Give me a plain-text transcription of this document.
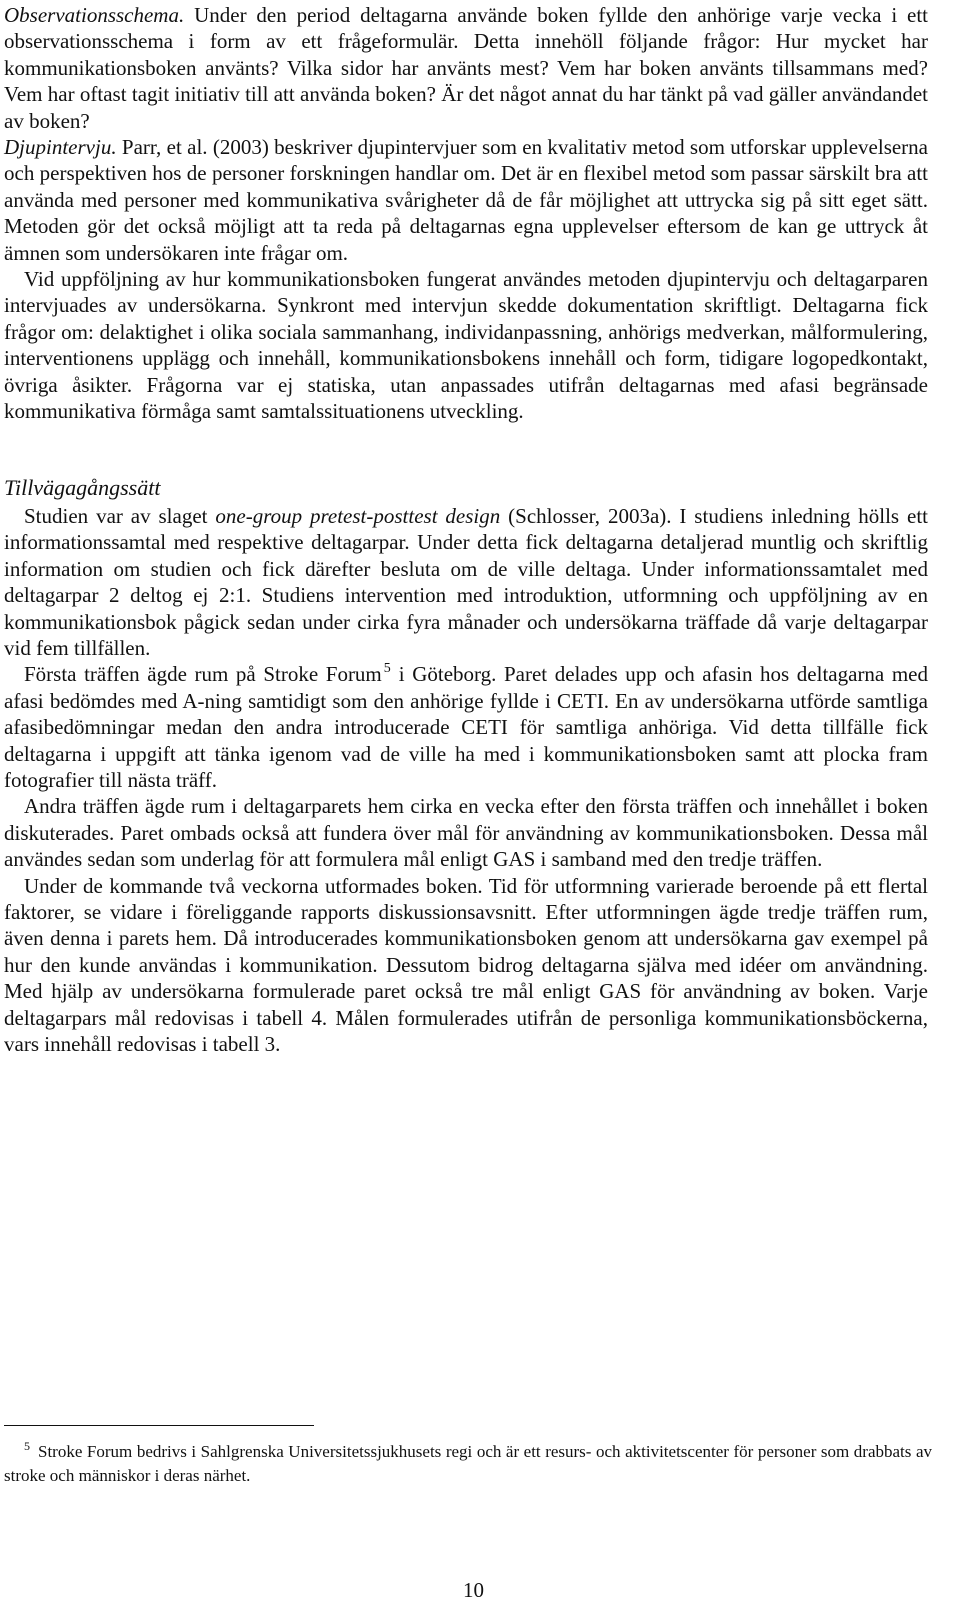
Observationsschema. Under den period deltagarna använde boken fyllde den anhörige varje vecka i ett observationsschema i form av ett frågeformulär. Detta innehöll följande frågor: Hur mycket har kommunikationsboken använts? Vilka sidor har använts mest? Vem har boken använts tillsammans med? Vem har oftast tagit initiativ till att använda boken? Är det något annat du har tänkt på vad gäller användandet av boken?

Djupintervju. Parr, et al. (2003) beskriver djupintervjuer som en kvalitativ metod som utforskar upplevelserna och perspektiven hos de personer forskningen handlar om. Det är en flexibel metod som passar särskilt bra att använda med personer med kommunikativa svårigheter då de får möjlighet att uttrycka sig på sitt eget sätt. Metoden gör det också möjligt att ta reda på deltagarnas egna upplevelser eftersom de kan ge uttryck åt ämnen som undersökaren inte frågar om.

Vid uppföljning av hur kommunikationsboken fungerat användes metoden djupintervju och deltagarparen intervjuades av undersökarna. Synkront med intervjun skedde dokumentation skriftligt. Deltagarna fick frågor om: delaktighet i olika sociala sammanhang, individanpassning, anhörigs medverkan, målformulering, interventionens upplägg och innehåll, kommunikationsbokens innehåll och form, tidigare logopedkontakt, övriga åsikter. Frågorna var ej statiska, utan anpassades utifrån deltagarnas med afasi begränsade kommunikativa förmåga samt samtalssituationens utveckling.

Tillvägagångssätt

Studien var av slaget one-group pretest-posttest design (Schlosser, 2003a). I studiens inledning hölls ett informationssamtal med respektive deltagarpar. Under detta fick deltagarna detaljerad muntlig och skriftlig information om studien och fick därefter besluta om de ville deltaga. Under informationssamtalet med deltagarpar 2 deltog ej 2:1. Studiens intervention med introduktion, utformning och uppföljning av en kommunikationsbok pågick sedan under cirka fyra månader och undersökarna träffade då varje deltagarpar vid fem tillfällen.

Första träffen ägde rum på Stroke Forum $^5$ i Göteborg. Paret delades upp och afasin hos deltagarna med afasi bedömdes med A-ning samtidigt som den anhörige fyllde i CETI. En av undersökarna utförde samtliga afasibedömningar medan den andra introducerade CETI för samtliga anhöriga. Vid detta tillfälle fick deltagarna i uppgift att tänka igenom vad de ville ha med i kommunikationsboken samt att plocka fram fotografier till nästa träff.

Andra träffen ägde rum i deltagarparets hem cirka en vecka efter den första träffen och innehållet i boken diskuterades. Paret ombads också att fundera över mål för användning av kommunikationsboken. Dessa mål användes sedan som underlag för att formulera mål enligt GAS i samband med den tredje träffen.

Under de kommande två veckorna utformades boken. Tid för utformning varierade beroende på ett flertal faktorer, se vidare i föreliggande rapports diskussionsavsnitt. Efter utformningen ägde tredje träffen rum, även denna i parets hem. Då introducerades kommunikationsboken genom att undersökarna gav exempel på hur den kunde användas i kommunikation. Dessutom bidrog deltagarna själva med idéer om användning. Med hjälp av undersökarna formulerade paret också tre mål enligt GAS för användning av boken. Varje deltagarpars mål redovisas i tabell 4. Målen formulerades utifrån de personliga kommunikationsböckerna, vars innehåll redovisas i tabell 3.

$^5$ Stroke Forum bedrivs i Sahlgrenska Universitetssjukhusets regi och är ett resurs- och aktivitetscenter för personer som drabbats av stroke och människor i deras närhet.
10
